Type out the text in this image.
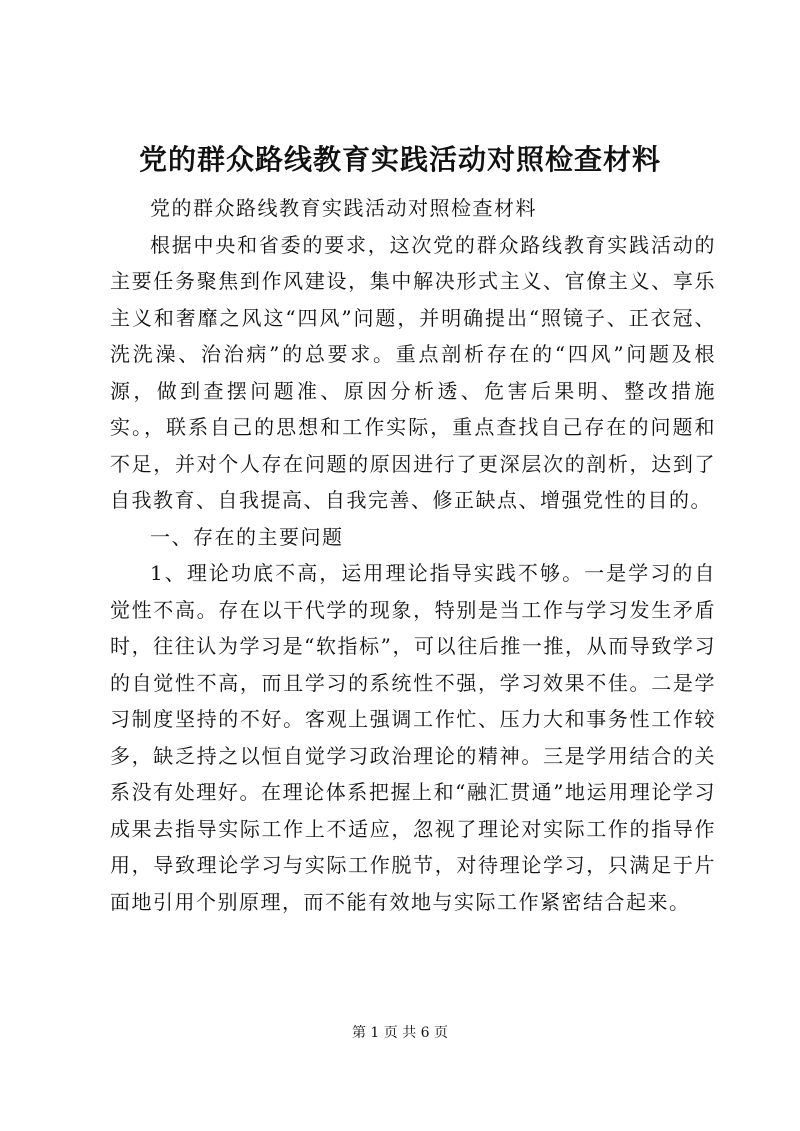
党的群众路线教育实践活动对照检查材料

党的群众路线教育实践活动对照检查材料

根据中央和省委的要求，这次党的群众路线教育实践活动的主要任务聚焦到作风建设，集中解决形式主义、官僚主义、享乐主义和奢靡之风这“四风”问题，并明确提出“照镜子、正衣冠、洗洗澡、治治病”的总要求。重点剖析存在的“四风”问题及根源，做到查摆问题准、原因分析透、危害后果明、整改措施实。，联系自己的思想和工作实际，重点查找自己存在的问题和不足，并对个人存在问题的原因进行了更深层次的剖析，达到了自我教育、自我提高、自我完善、修正缺点、增强党性的目的。

一、存在的主要问题

1、理论功底不高，运用理论指导实践不够。一是学习的自觉性不高。存在以干代学的现象，特别是当工作与学习发生矛盾时，往往认为学习是“软指标”，可以往后推一推，从而导致学习的自觉性不高，而且学习的系统性不强，学习效果不佳。二是学习制度坚持的不好。客观上强调工作忙、压力大和事务性工作较多，缺乏持之以恒自觉学习政治理论的精神。三是学用结合的关系没有处理好。在理论体系把握上和“融汇贯通”地运用理论学习成果去指导实际工作上不适应，忽视了理论对实际工作的指导作用，导致理论学习与实际工作脱节，对待理论学习，只满足于片面地引用个别原理，而不能有效地与实际工作紧密结合起来。

第 1 页 共 6 页
